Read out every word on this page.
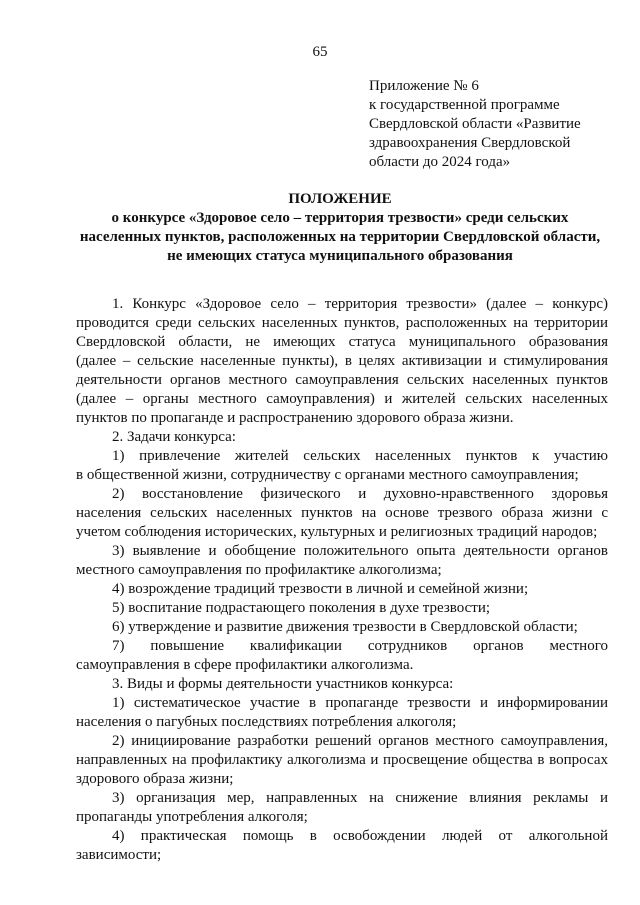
65
Приложение № 6
к государственной программе
Свердловской области «Развитие
здравоохранения Свердловской
области до 2024 года»
ПОЛОЖЕНИЕ
о конкурсе «Здоровое село – территория трезвости» среди сельских
населенных пунктов, расположенных на территории Свердловской области,
не имеющих статуса муниципального образования
1. Конкурс «Здоровое село – территория трезвости» (далее – конкурс)
проводится среди сельских населенных пунктов, расположенных на территории
Свердловской области, не имеющих статуса муниципального образования
(далее – сельские населенные пункты), в целях активизации и стимулирования
деятельности органов местного самоуправления сельских населенных пунктов
(далее – органы местного самоуправления) и жителей сельских населенных
пунктов по пропаганде и распространению здорового образа жизни.
2. Задачи конкурса:
1) привлечение жителей сельских населенных пунктов к участию
в общественной жизни, сотрудничеству с органами местного самоуправления;
2) восстановление физического и духовно-нравственного здоровья
населения сельских населенных пунктов на основе трезвого образа жизни с
учетом соблюдения исторических, культурных и религиозных традиций народов;
3) выявление и обобщение положительного опыта деятельности органов
местного самоуправления по профилактике алкоголизма;
4) возрождение традиций трезвости в личной и семейной жизни;
5) воспитание подрастающего поколения в духе трезвости;
6) утверждение и развитие движения трезвости в Свердловской области;
7) повышение квалификации сотрудников органов местного
самоуправления в сфере профилактики алкоголизма.
3. Виды и формы деятельности участников конкурса:
1) систематическое участие в пропаганде трезвости и информировании
населения о пагубных последствиях потребления алкоголя;
2) инициирование разработки решений органов местного самоуправления,
направленных на профилактику алкоголизма и просвещение общества в вопросах
здорового образа жизни;
3) организация мер, направленных на снижение влияния рекламы и
пропаганды употребления алкоголя;
4) практическая помощь в освобождении людей от алкогольной
зависимости;
